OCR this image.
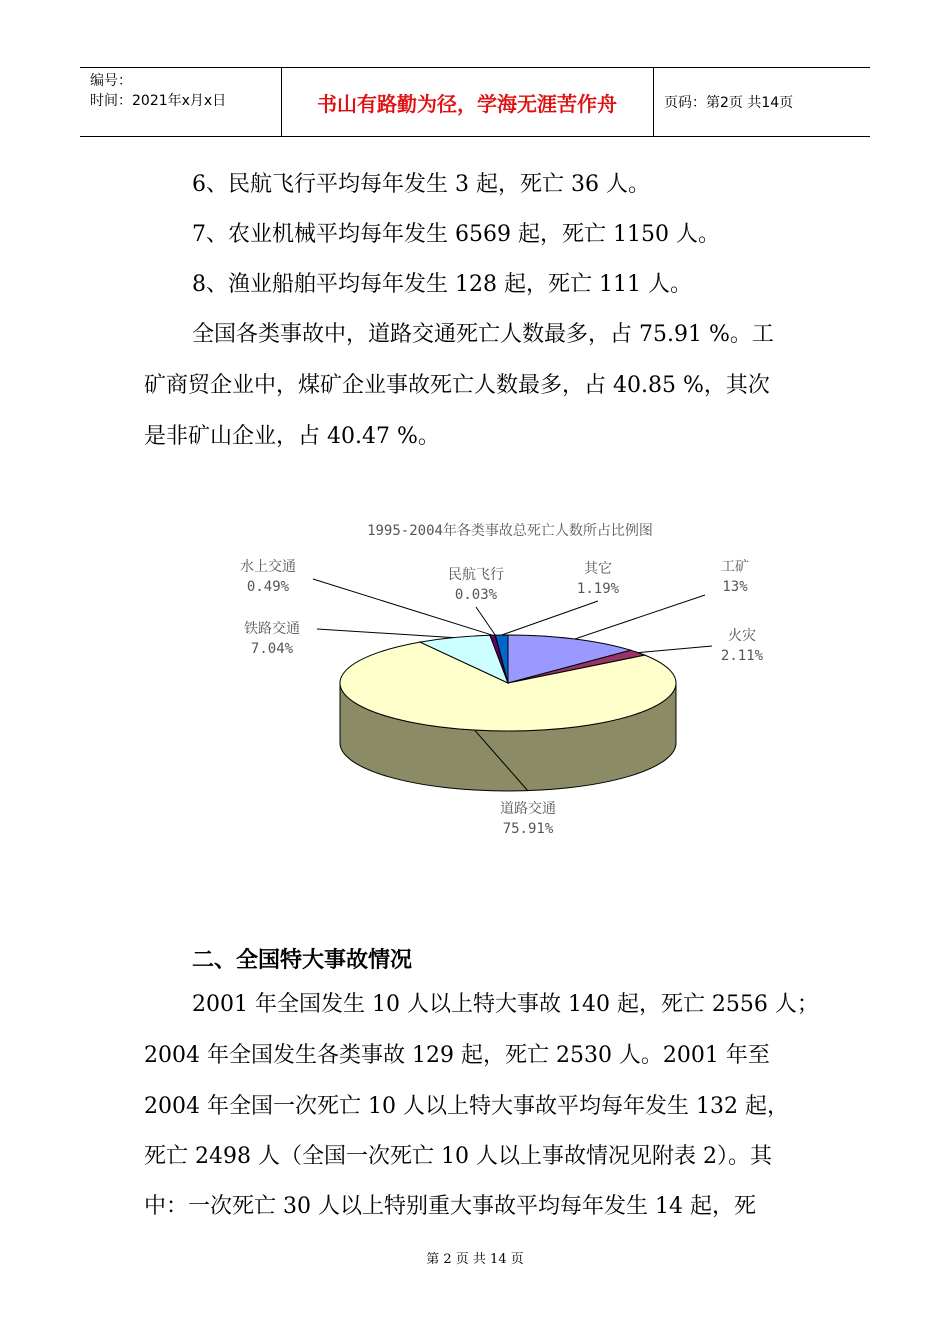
编号：
时间：2021年x月x日	书山有路勤为径，学海无涯苦作舟	页码：第2页 共14页
6、民航飞行平均每年发生 3 起，死亡 36 人。
7、农业机械平均每年发生 6569 起，死亡 1150 人。
8、渔业船舶平均每年发生 128 起，死亡 111 人。
全国各类事故中，道路交通死亡人数最多，占 75.91 %。工
矿商贸企业中，煤矿企业事故死亡人数最多，占 40.85 %，其次
是非矿山企业，占 40.47 %。
1995-2004年各类事故总死亡人数所占比例图
工矿
13%
火灾
2.11%
道路交通
75.91%
铁路交通
7.04%
水上交通
0.49%
民航飞行
0.03%
其它
1.19%
二、全国特大事故情况
2001 年全国发生 10 人以上特大事故 140 起，死亡 2556 人；
2004 年全国发生各类事故 129 起，死亡 2530 人。2001 年至
2004 年全国一次死亡 10 人以上特大事故平均每年发生 132 起，
死亡 2498 人（全国一次死亡 10 人以上事故情况见附表 2）。其
中：一次死亡 30 人以上特别重大事故平均每年发生 14 起，死
第 2 页 共 14 页
